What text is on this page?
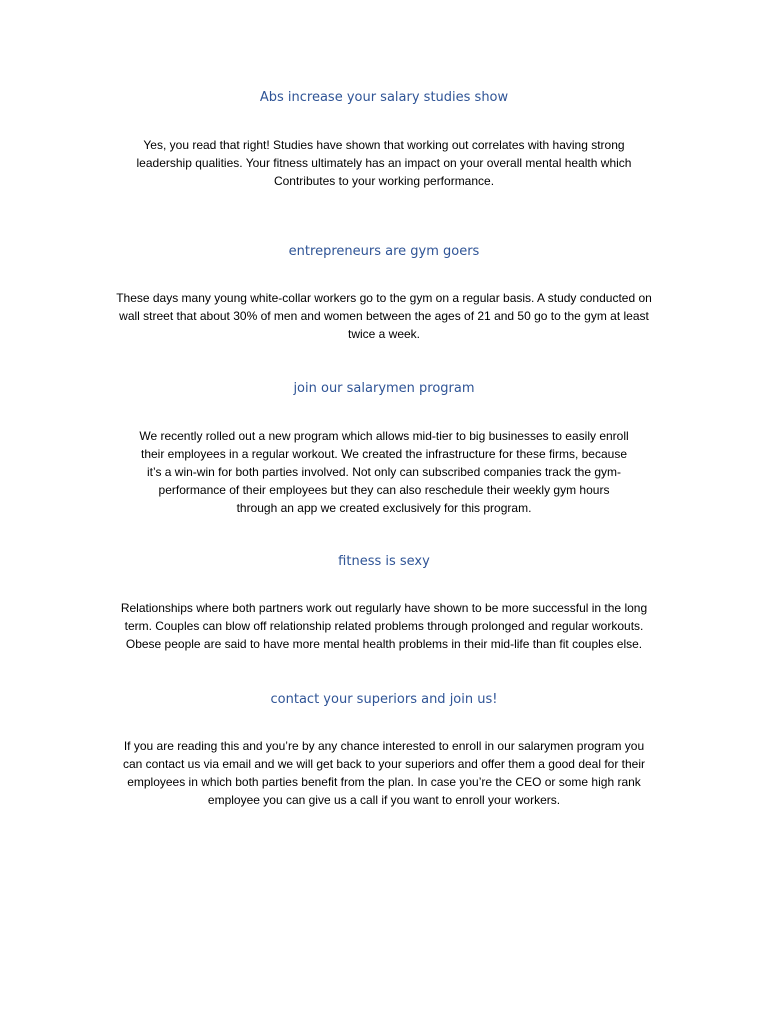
Abs increase your salary studies show
Yes, you read that right! Studies have shown that working out correlates with having strong
leadership qualities. Your fitness ultimately has an impact on your overall mental health which
Contributes to your working performance.
entrepreneurs are gym goers
These days many young white-collar workers go to the gym on a regular basis. A study conducted on
wall street that about 30% of men and women between the ages of 21 and 50 go to the gym at least
twice a week.
join our salarymen program
We recently rolled out a new program which allows mid-tier to big businesses to easily enroll
their employees in a regular workout. We created the infrastructure for these firms, because
it’s a win-win for both parties involved. Not only can subscribed companies track the gym-
performance of their employees but they can also reschedule their weekly gym hours
through an app we created exclusively for this program.
fitness is sexy
Relationships where both partners work out regularly have shown to be more successful in the long
term. Couples can blow off relationship related problems through prolonged and regular workouts.
Obese people are said to have more mental health problems in their mid-life than fit couples else.
contact your superiors and join us!
If you are reading this and you’re by any chance interested to enroll in our salarymen program you
can contact us via email and we will get back to your superiors and offer them a good deal for their
employees in which both parties benefit from the plan. In case you’re the CEO or some high rank
employee you can give us a call if you want to enroll your workers.
